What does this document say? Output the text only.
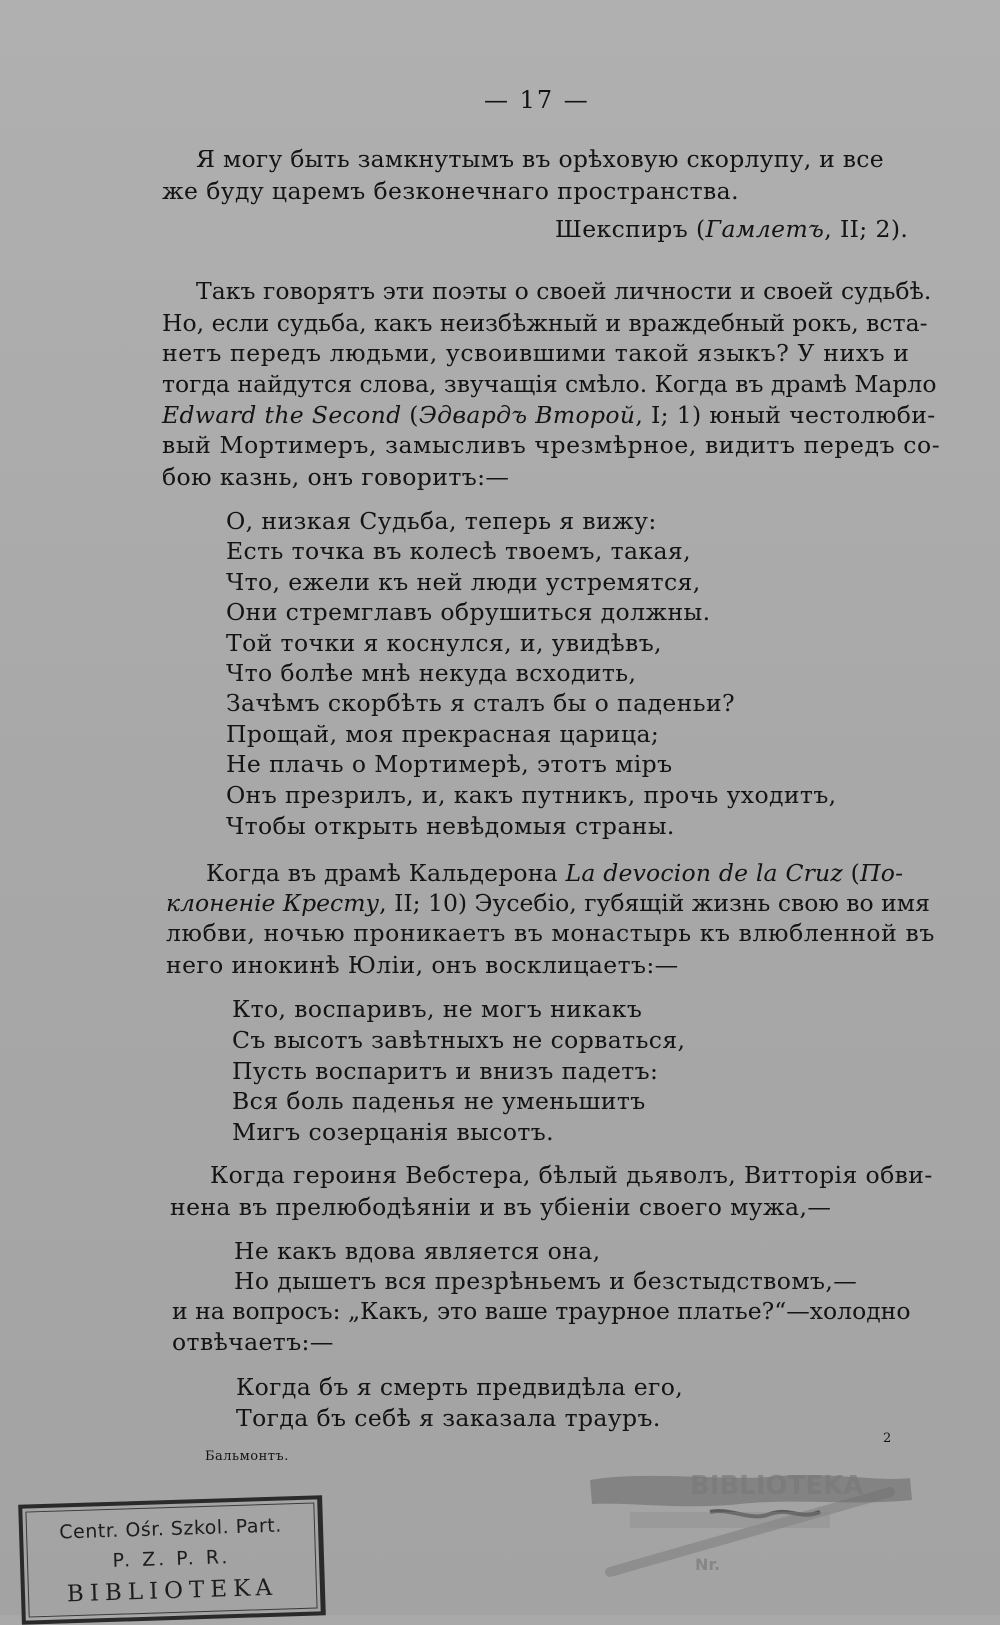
— 17 —
Я могу быть замкнутымъ въ орѣховую скорлупу, и все
же буду царемъ безконечнаго пространства.
Шекспиръ (Гамлетъ, II; 2).
Такъ говорятъ эти поэты о своей личности и своей судьбѣ.
Но, если судьба, какъ неизбѣжный и враждебный рокъ, вста-
нетъ передъ людьми, усвоившими такой языкъ? У нихъ и
тогда найдутся слова, звучащія смѣло. Когда въ драмѣ Марло
Edward the Second (Эдвардъ Второй, I; 1) юный честолюби-
вый Мортимеръ, замысливъ чрезмѣрное, видитъ передъ со-
бою казнь, онъ говоритъ:—
О, низкая Судьба, теперь я вижу:
Есть точка въ колесѣ твоемъ, такая,
Что, ежели къ ней люди устремятся,
Они стремглавъ обрушиться должны.
Той точки я коснулся, и, увидѣвъ,
Что болѣе мнѣ некуда всходить,
Зачѣмъ скорбѣть я сталъ бы о паденьи?
Прощай, моя прекрасная царица;
Не плачь о Мортимерѣ, этотъ міръ
Онъ презрилъ, и, какъ путникъ, прочь уходитъ,
Чтобы открыть невѣдомыя страны.
Когда въ драмѣ Кальдерона La devocion de la Cruz (По-
клоненіе Кресту, II; 10) Эусебіо, губящій жизнь свою во имя
любви, ночью проникаетъ въ монастырь къ влюбленной въ
него инокинѣ Юліи, онъ восклицаетъ:—
Кто, воспаривъ, не могъ никакъ
Съ высотъ завѣтныхъ не сорваться,
Пусть воспаритъ и внизъ падетъ:
Вся боль паденья не уменьшитъ
Мигъ созерцанія высотъ.
Когда героиня Вебстера, бѣлый дьяволъ, Витторія обви-
нена въ прелюбодѣяніи и въ убіеніи своего мужа,—
Не какъ вдова является она,
Но дышетъ вся презрѣньемъ и безстыдствомъ,—
и на вопросъ: „Какъ, это ваше траурное платье?“—холодно
отвѣчаетъ:—
Когда бъ я смерть предвидѣла его,
Тогда бъ себѣ я заказала трауръ.
Бальмонтъ.
2
BIBLIOTEKA
Nr.
Centr. Ośr. Szkol. Part.
P. Z. P. R.
BIBLIOTEKA
